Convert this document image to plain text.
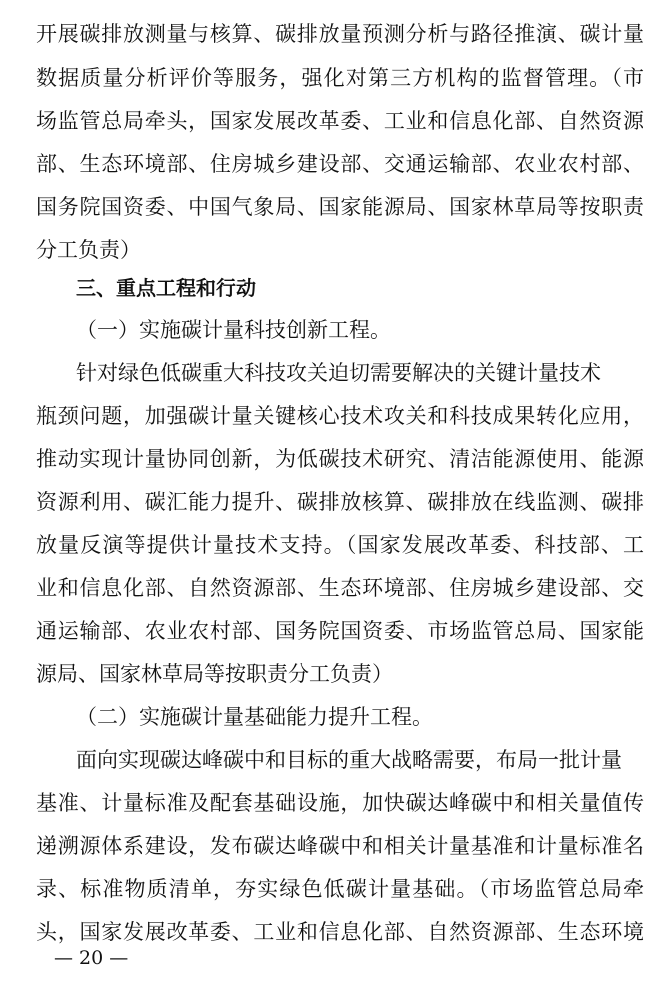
开展碳排放测量与核算、碳排放量预测分析与路径推演、碳计量
数据质量分析评价等服务，强化对第三方机构的监督管理。（市
场监管总局牵头，国家发展改革委、工业和信息化部、自然资源
部、生态环境部、住房城乡建设部、交通运输部、农业农村部、
国务院国资委、中国气象局、国家能源局、国家林草局等按职责
分工负责）
三、重点工程和行动
（一）实施碳计量科技创新工程。
针对绿色低碳重大科技攻关迫切需要解决的关键计量技术
瓶颈问题，加强碳计量关键核心技术攻关和科技成果转化应用，
推动实现计量协同创新，为低碳技术研究、清洁能源使用、能源
资源利用、碳汇能力提升、碳排放核算、碳排放在线监测、碳排
放量反演等提供计量技术支持。（国家发展改革委、科技部、工
业和信息化部、自然资源部、生态环境部、住房城乡建设部、交
通运输部、农业农村部、国务院国资委、市场监管总局、国家能
源局、国家林草局等按职责分工负责）
（二）实施碳计量基础能力提升工程。
面向实现碳达峰碳中和目标的重大战略需要，布局一批计量
基准、计量标准及配套基础设施，加快碳达峰碳中和相关量值传
递溯源体系建设，发布碳达峰碳中和相关计量基准和计量标准名
录、标准物质清单，夯实绿色低碳计量基础。（市场监管总局牵
头，国家发展改革委、工业和信息化部、自然资源部、生态环境
— 20 —
